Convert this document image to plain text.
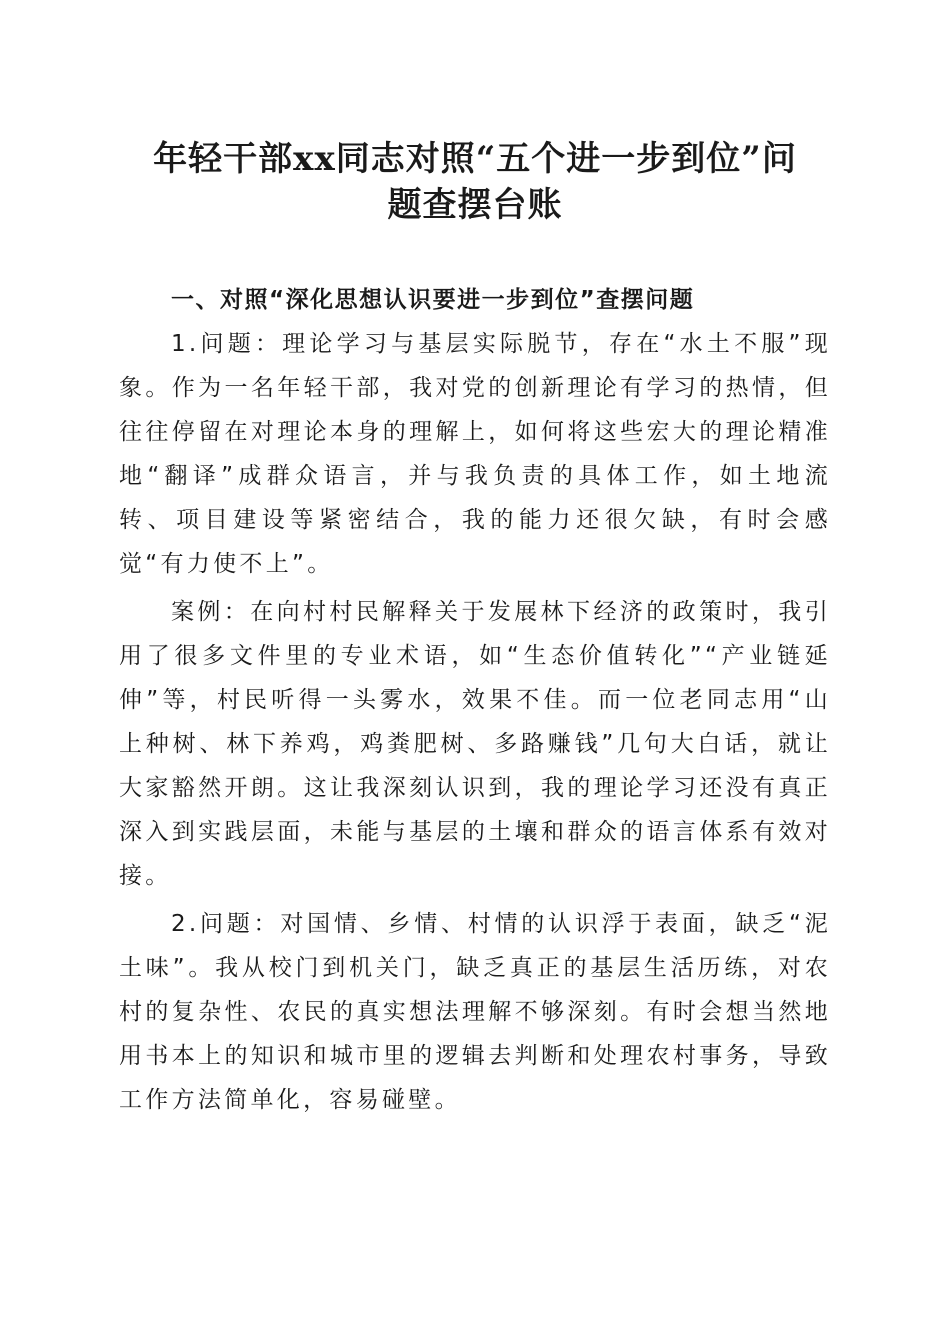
年轻干部xx同志对照“五个进一步到位”问
题查摆台账
一、对照“深化思想认识要进一步到位”查摆问题

1.问题：理论学习与基层实际脱节，存在“水土不服”现象。作为一名年轻干部，我对党的创新理论有学习的热情，但往往停留在对理论本身的理解上，如何将这些宏大的理论精准地“翻译”成群众语言，并与我负责的具体工作，如土地流转、项目建设等紧密结合，我的能力还很欠缺，有时会感觉“有力使不上”。

案例：在向村村民解释关于发展林下经济的政策时，我引用了很多文件里的专业术语，如“生态价值转化”“产业链延伸”等，村民听得一头雾水，效果不佳。而一位老同志用“山上种树、林下养鸡，鸡粪肥树、多路赚钱”几句大白话，就让大家豁然开朗。这让我深刻认识到，我的理论学习还没有真正深入到实践层面，未能与基层的土壤和群众的语言体系有效对接。

2.问题：对国情、乡情、村情的认识浮于表面，缺乏“泥土味”。我从校门到机关门，缺乏真正的基层生活历练，对农村的复杂性、农民的真实想法理解不够深刻。有时会想当然地用书本上的知识和城市里的逻辑去判断和处理农村事务，导致工作方法简单化，容易碰壁。
